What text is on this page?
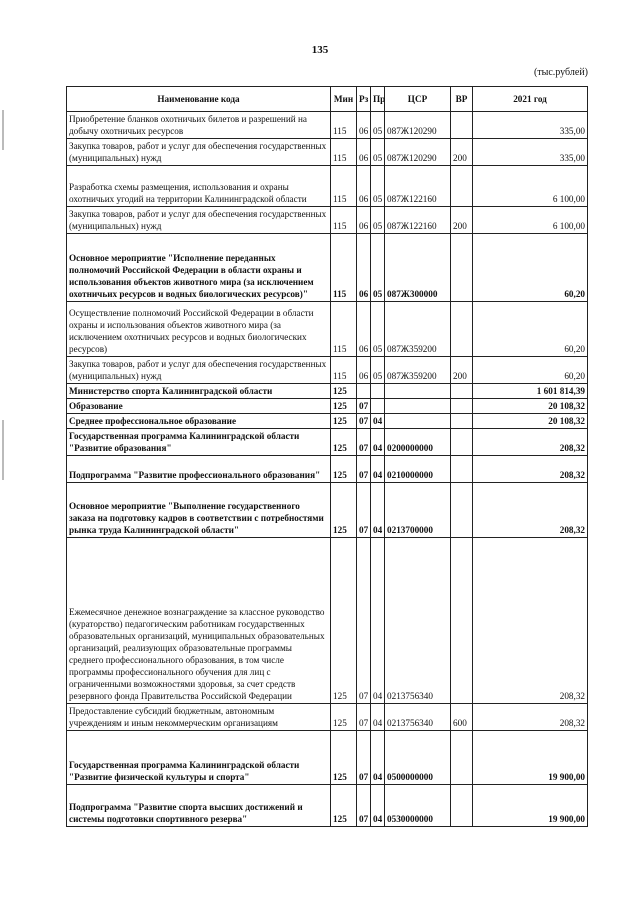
135
(тыс.рублей)
Наименование кода	Мин	Рз	Пр	ЦСР	ВР	2021 год
Приобретение бланков охотничьих билетов и разрешений на добычу охотничьих ресурсов	115	06	05	087Ж120290		335,00
Закупка товаров, работ и услуг для обеспечения государственных (муниципальных) нужд	115	06	05	087Ж120290	200	335,00
Разработка схемы размещения, использования и охраны охотничьих угодий на территории Калининградской области	115	06	05	087Ж122160		6 100,00
Закупка товаров, работ и услуг для обеспечения государственных (муниципальных) нужд	115	06	05	087Ж122160	200	6 100,00
Основное мероприятие "Исполнение переданных полномочий Российской Федерации в области охраны и использования объектов животного мира (за исключением охотничьих ресурсов и водных биологических ресурсов)"	115	06	05	087Ж300000		60,20
Осуществление полномочий Российской Федерации в области охраны и использования объектов животного мира (за исключением охотничьих ресурсов и водных биологических ресурсов)	115	06	05	087Ж359200		60,20
Закупка товаров, работ и услуг для обеспечения государственных (муниципальных) нужд	115	06	05	087Ж359200	200	60,20
Министерство спорта Калининградской области	125					1 601 814,39
Образование	125	07				20 108,32
Среднее профессиональное образование	125	07	04			20 108,32
Государственная программа Калининградской области "Развитие образования"	125	07	04	0200000000		208,32
Подпрограмма "Развитие профессионального образования"	125	07	04	0210000000		208,32
Основное мероприятие "Выполнение государственного заказа на подготовку кадров в соответствии с потребностями рынка труда Калининградской области"	125	07	04	0213700000		208,32
Ежемесячное денежное вознаграждение за классное руководство (кураторство) педагогическим работникам государственных образовательных организаций, муниципальных образовательных организаций, реализующих образовательные программы среднего профессионального образования, в том числе программы профессионального обучения для лиц с ограниченными возможностями здоровья, за счет средств резервного фонда Правительства Российской Федерации	125	07	04	0213756340		208,32
Предоставление субсидий бюджетным, автономным учреждениям и иным некоммерческим организациям	125	07	04	0213756340	600	208,32
Государственная программа Калининградской области "Развитие физической культуры и спорта"	125	07	04	0500000000		19 900,00
Подпрограмма "Развитие спорта высших достижений и системы подготовки спортивного резерва"	125	07	04	0530000000		19 900,00
